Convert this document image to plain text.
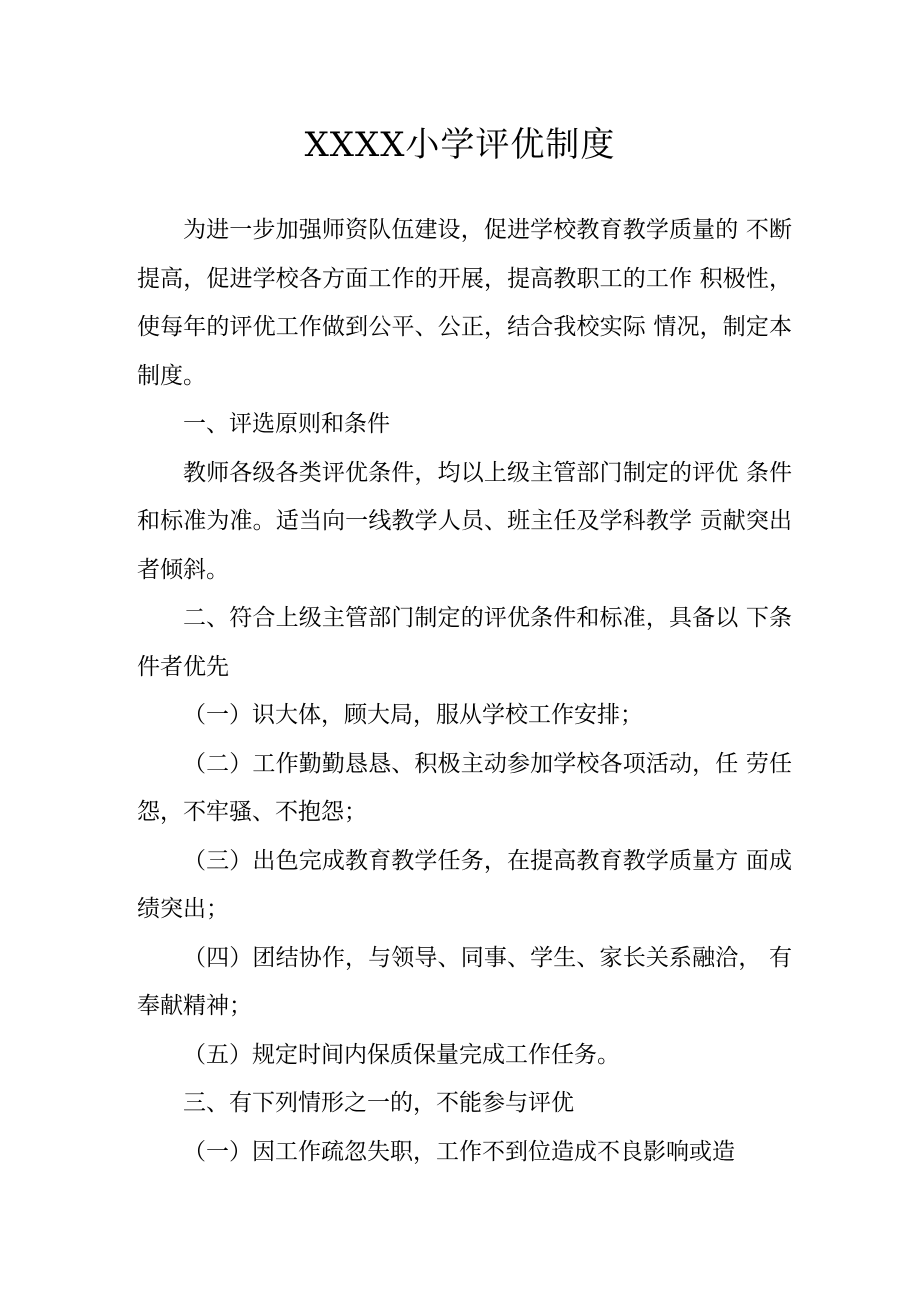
XXXX小学评优制度

为进一步加强师资队伍建设，促进学校教育教学质量的 不断提高，促进学校各方面工作的开展，提高教职工的工作 积极性，使每年的评优工作做到公平、公正，结合我校实际 情况，制定本制度。

一、评选原则和条件

教师各级各类评优条件，均以上级主管部门制定的评优 条件和标准为准。适当向一线教学人员、班主任及学科教学 贡献突出者倾斜。

二、符合上级主管部门制定的评优条件和标准，具备以 下条件者优先

（一）识大体，顾大局，服从学校工作安排；

（二）工作勤勤恳恳、积极主动参加学校各项活动，任 劳任怨，不牢骚、不抱怨；

（三）出色完成教育教学任务，在提高教育教学质量方 面成绩突出；

（四）团结协作，与领导、同事、学生、家长关系融洽， 有奉献精神；

（五）规定时间内保质保量完成工作任务。

三、有下列情形之一的，不能参与评优

（一）因工作疏忽失职，工作不到位造成不良影响或造
